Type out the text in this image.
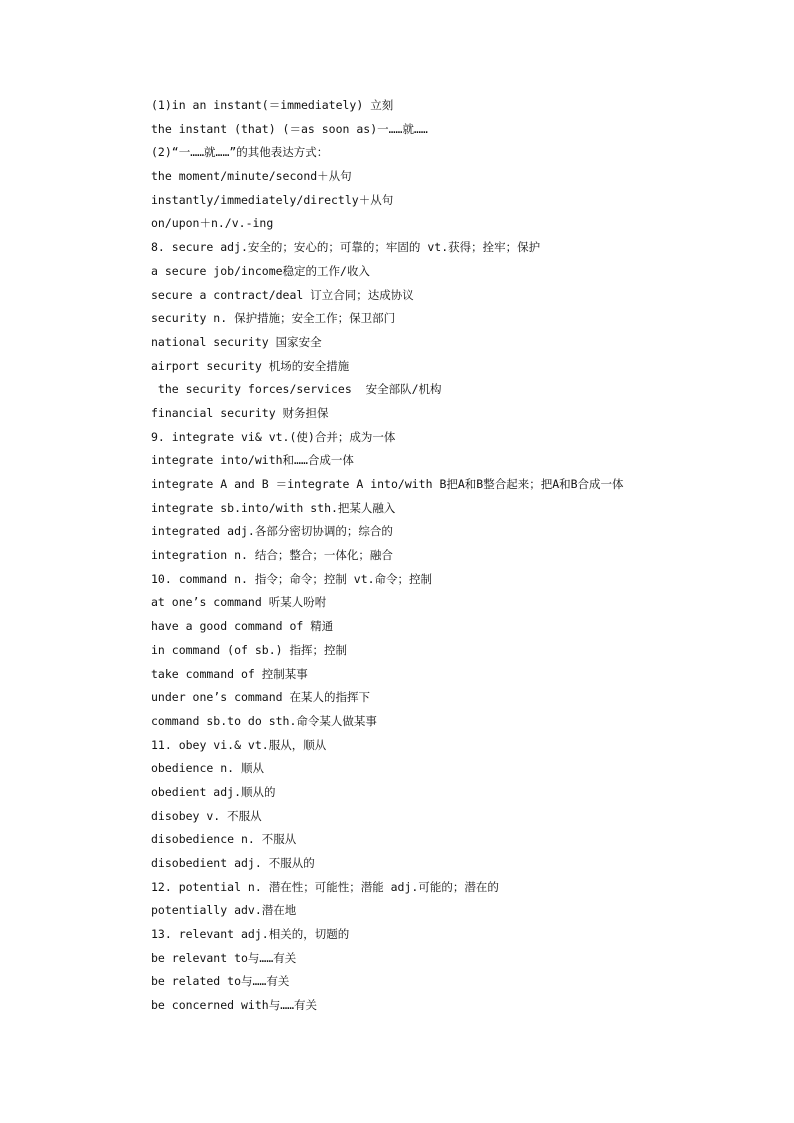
(1)in an instant(＝immediately) 立刻
the instant (that) (＝as soon as)一……就……
(2)“一……就……”的其他表达方式：
the moment/minute/second＋从句
instantly/immediately/directly＋从句
on/upon＋n./v.-ing
8. secure adj.安全的；安心的；可靠的；牢固的 vt.获得；拴牢；保护
a secure job/income稳定的工作/收入
secure a contract/deal 订立合同；达成协议
security n. 保护措施；安全工作；保卫部门
national security 国家安全
airport security 机场的安全措施
the security forces/services  安全部队/机构
financial security 财务担保
9. integrate vi& vt.(使)合并；成为一体
integrate into/with和……合成一体
integrate A and B ＝integrate A into/with B把A和B整合起来；把A和B合成一体
integrate sb.into/with sth.把某人融入
integrated adj.各部分密切协调的；综合的
integration n. 结合；整合；一体化；融合
10. command n. 指令；命令；控制 vt.命令；控制
at one’s command 听某人吩咐
have a good command of 精通
in command (of sb.) 指挥；控制
take command of 控制某事
under one’s command 在某人的指挥下
command sb.to do sth.命令某人做某事
11. obey vi.& vt.服从，顺从
obedience n. 顺从
obedient adj.顺从的
disobey v. 不服从
disobedience n. 不服从
disobedient adj. 不服从的
12. potential n. 潜在性；可能性；潜能 adj.可能的；潜在的
potentially adv.潜在地
13. relevant adj.相关的，切题的
be relevant to与……有关
be related to与……有关
be concerned with与……有关
